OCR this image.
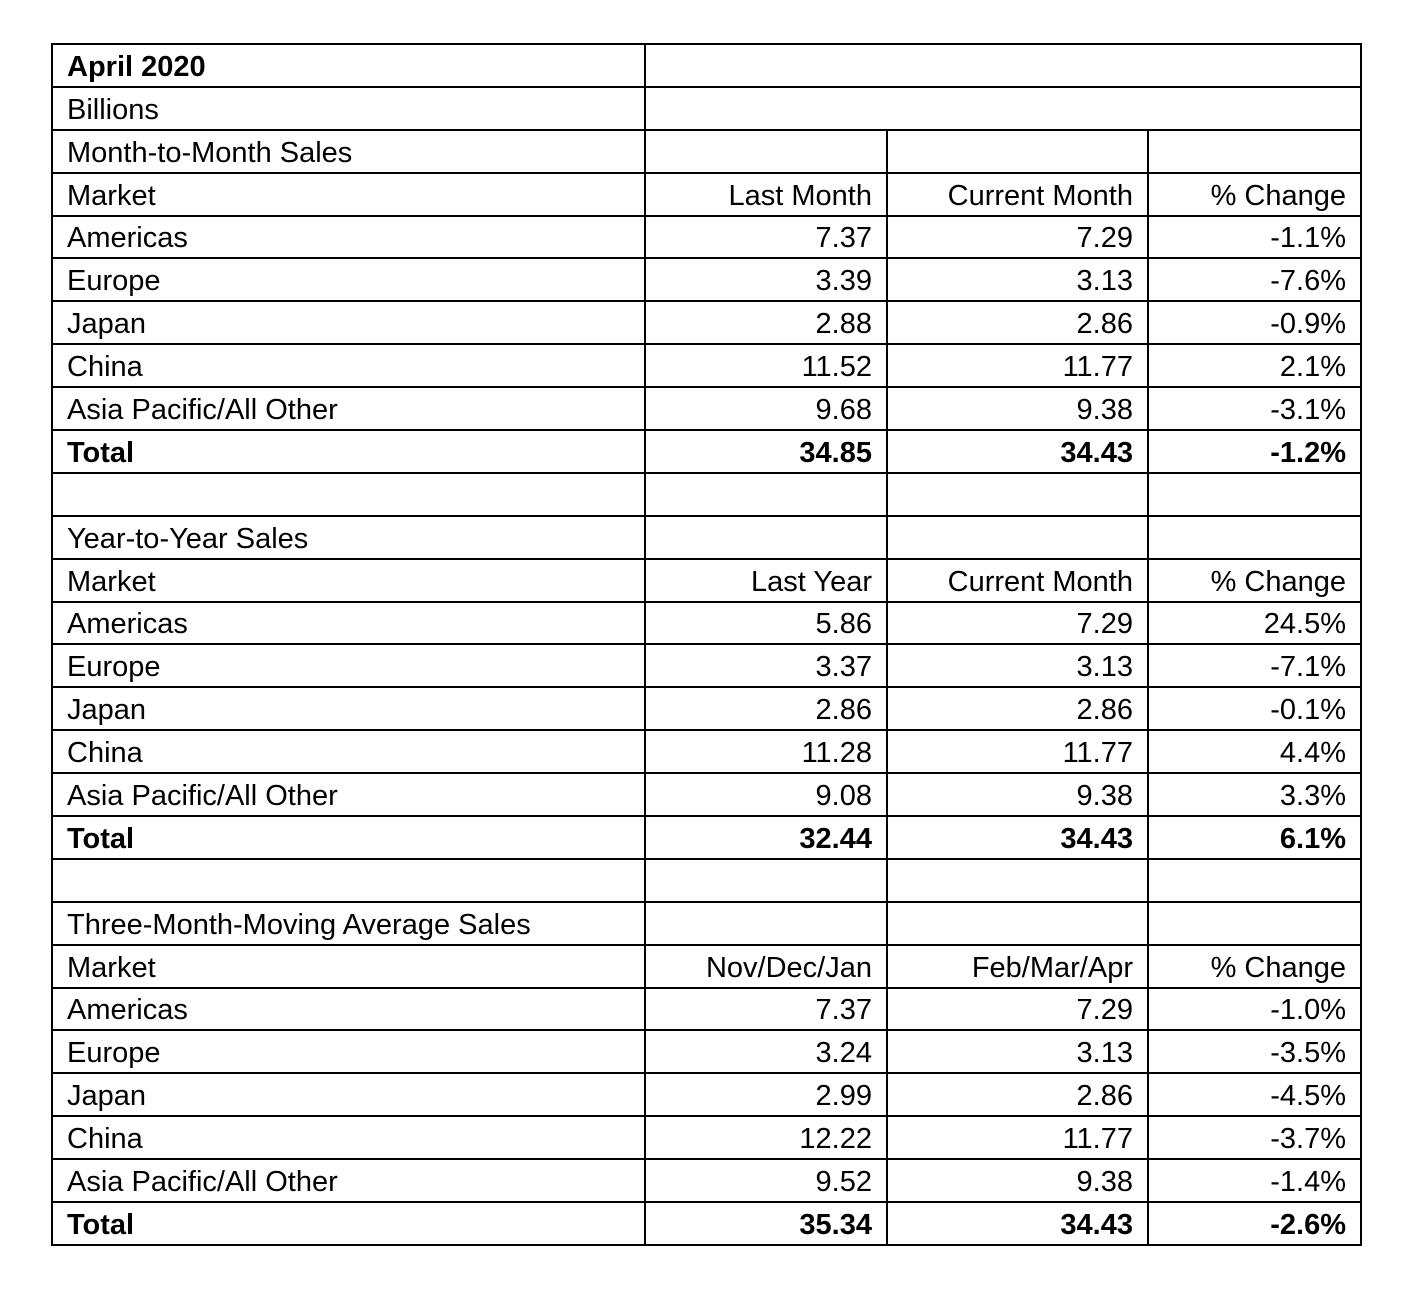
April 2020			
Billions			
Month-to-Month Sales			
Market	Last Month	Current Month	% Change
Americas	7.37	7.29	-1.1%
Europe	3.39	3.13	-7.6%
Japan	2.88	2.86	-0.9%
China	11.52	11.77	2.1%
Asia Pacific/All Other	9.68	9.38	-3.1%
Total	34.85	34.43	-1.2%

Year-to-Year Sales			
Market	Last Year	Current Month	% Change
Americas	5.86	7.29	24.5%
Europe	3.37	3.13	-7.1%
Japan	2.86	2.86	-0.1%
China	11.28	11.77	4.4%
Asia Pacific/All Other	9.08	9.38	3.3%
Total	32.44	34.43	6.1%

Three-Month-Moving Average Sales			
Market	Nov/Dec/Jan	Feb/Mar/Apr	% Change
Americas	7.37	7.29	-1.0%
Europe	3.24	3.13	-3.5%
Japan	2.99	2.86	-4.5%
China	12.22	11.77	-3.7%
Asia Pacific/All Other	9.52	9.38	-1.4%
Total	35.34	34.43	-2.6%
